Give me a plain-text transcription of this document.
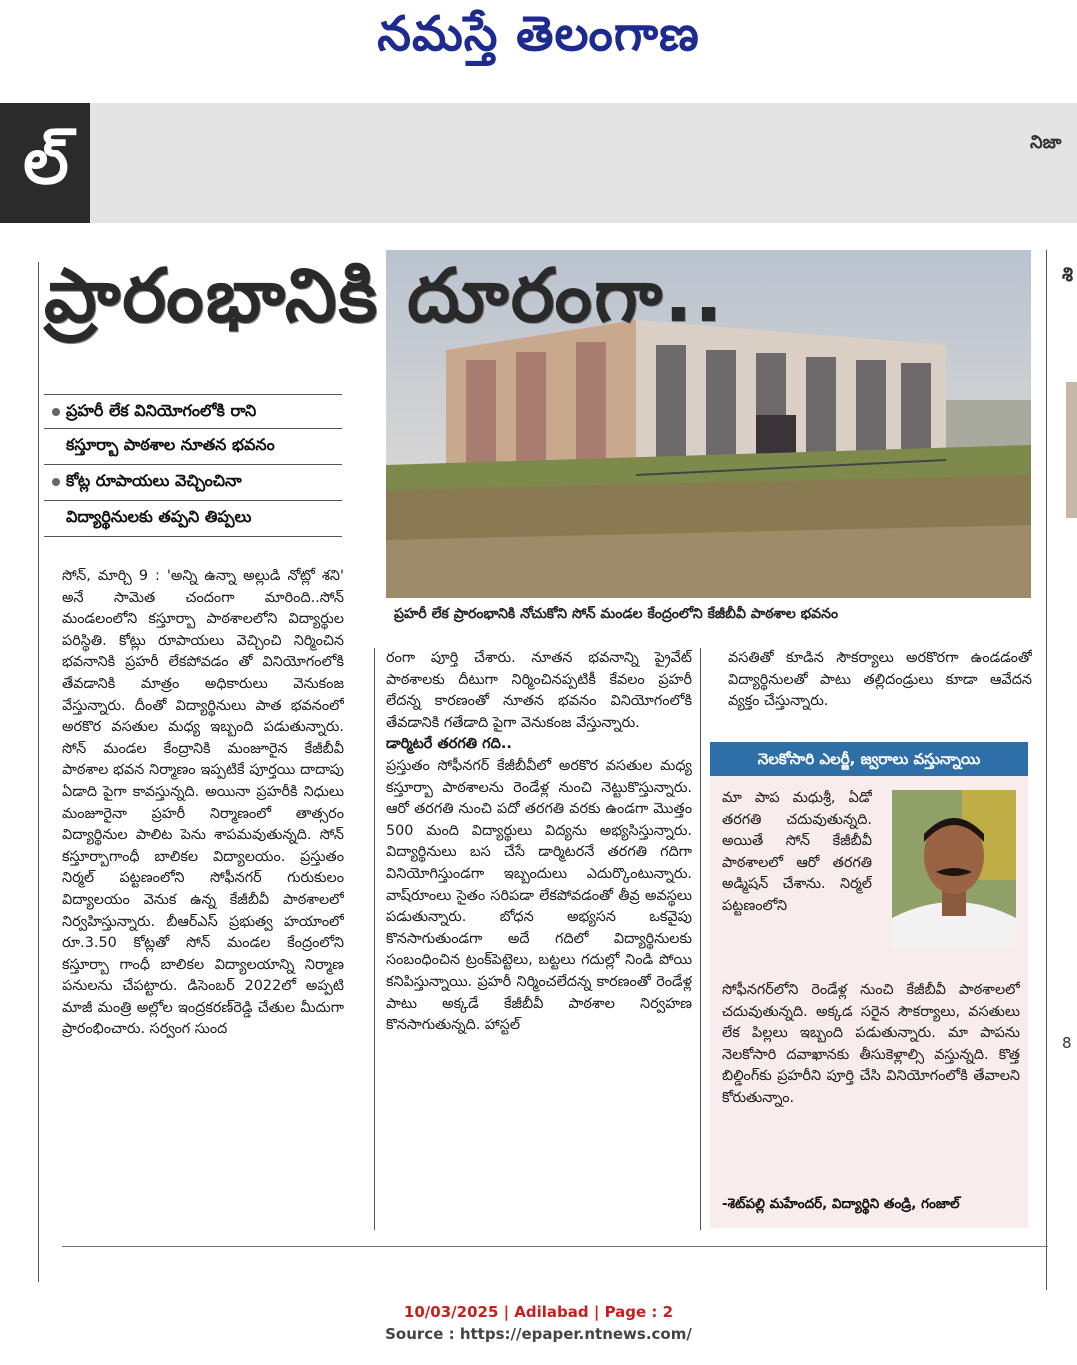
నమస్తే తెలంగాణ
ల్	నిజా
ప్రారంభానికి దూరంగా..
ప్రహరీ లేక ప్రారంభానికి నోచుకోని సోన్ మండల కేంద్రంలోని కేజీబీవీ పాఠశాల భవనం
ప్రహరీ లేక వినియోగంలోకి రాని
కస్తూర్బా పాఠశాల నూతన భవనం
కోట్ల రూపాయలు వెచ్చించినా
విద్యార్థినులకు తప్పని తిప్పలు

సోన్, మార్చి 9 : 'అన్ని ఉన్నా అల్లుడి నోట్లో శని' అనే సామెత చందంగా మారింది..సోన్ మండలంలోని కస్తూర్బా పాఠశాలలోని విద్యార్థుల పరిస్థితి. కోట్లు రూపాయలు వెచ్చించి నిర్మించిన భవనానికి ప్రహరీ లేకపోవడం తో వినియోగంలోకి తేవడానికి మాత్రం అధికారులు వెనుకంజ వేస్తున్నారు. దీంతో విద్యార్థినులు పాత భవనంలో అరకొర వసతుల మధ్య ఇబ్బంది పడుతున్నారు. సోన్ మండల కేంద్రానికి మంజూరైన కేజీబీవీ పాఠశాల భవన నిర్మాణం ఇప్పటికే పూర్తయి దాదాపు ఏడాది పైగా కావస్తున్నది. అయినా ప్రహరీకి నిధులు మంజూరైనా ప్రహరీ నిర్మాణంలో తాత్సరం విద్యార్థినుల పాలిట పెను శాపమవుతున్నది. సోన్ కస్తూర్బాగాంధీ బాలికల విద్యాలయం. ప్రస్తుతం నిర్మల్ పట్టణంలోని సోఫీనగర్ గురుకులం విద్యాలయం వెనుక ఉన్న కేజీబీవీ పాఠశాలలో నిర్వహిస్తున్నారు. బీఆర్ఎస్ ప్రభుత్వ హయాంలో రూ.3.50 కోట్లతో సోన్ మండల కేంద్రంలోని కస్తూర్బా గాంధీ బాలికల విద్యాలయాన్ని నిర్మాణ పనులను చేపట్టారు. డిసెంబర్ 2022లో అప్పటి మాజీ మంత్రి అల్లోల ఇంద్రకరణ్‌రెడ్డి చేతుల మీదుగా ప్రారంభించారు. సర్వంగ సుంద

రంగా పూర్తి చేశారు. నూతన భవనాన్ని ప్రైవేట్ పాఠశాలకు దీటుగా నిర్మించినప్పటికీ కేవలం ప్రహరీ లేదన్న కారణంతో నూతన భవనం వినియోగంలోకి తేవడానికి గతేడాది పైగా వెనుకంజ వేస్తున్నారు.

డార్మిటరే తరగతి గది..

ప్రస్తుతం సోఫీనగర్ కేజీబీవీలో అరకొర వసతుల మధ్య కస్తూర్బా పాఠశాలను రెండేళ్ల నుంచి నెట్టుకొస్తున్నారు. ఆరో తరగతి నుంచి పదో తరగతి వరకు ఉండగా మొత్తం 500 మంది విద్యార్థులు విద్యను అభ్యసిస్తున్నారు. విద్యార్థినులు బస చేసే డార్మిటరనే తరగతి గదిగా వినియోగిస్తుండగా ఇబ్బందులు ఎదుర్కొంటున్నారు. వాష్‌రూంలు సైతం సరిపడా లేకపోవడంతో తీవ్ర అవస్థలు పడుతున్నారు. బోధన అభ్యసన ఒకవైపు కొనసాగుతుండగా అదే గదిలో విద్యార్థినులకు సంబంధించిన ట్రంక్‌పెట్టెలు, బట్టలు గదుల్లో నిండి పోయి కనిపిస్తున్నాయి. ప్రహరీ నిర్మించలేదన్న కారణంతో రెండేళ్ల పాటు అక్కడే కేజీబీవీ పాఠశాల నిర్వహణ కొనసాగుతున్నది. హాస్టల్

వసతితో కూడిన సౌకర్యాలు అరకొరగా ఉండడంతో విద్యార్థినులతో పాటు తల్లిదండ్రులు కూడా ఆవేదన వ్యక్తం చేస్తున్నారు.

నెలకోసారి ఎలర్జీ, జ్వరాలు వస్తున్నాయి

మా పాప మధుశ్రీ, ఏడో తరగతి చదువుతున్నది. అయితే సోన్ కేజీబీవీ పాఠశాలలో ఆరో తరగతి అడ్మిషన్ చేశాను. నిర్మల్ పట్టణంలోని

సోఫీనగర్‌లోని రెండేళ్ల నుంచి కేజీబీవీ పాఠశాలలో చదువుతున్నది. అక్కడ సరైన సౌకర్యాలు, వసతులు లేక పిల్లలు ఇబ్బంది పడుతున్నారు. మా పాపను నెలకోసారి దవాఖానకు తీసుకెళ్లాల్సి వస్తున్నది. కొత్త బిల్డింగ్‌కు ప్రహరీని పూర్తి చేసి వినియోగంలోకి తేవాలని కోరుతున్నాం.

-శెట్‌పల్లి మహేందర్, విద్యార్థిని తండ్రి, గంజాల్
శి
8
10/03/2025 | Adilabad | Page : 2
Source : https://epaper.ntnews.com/
